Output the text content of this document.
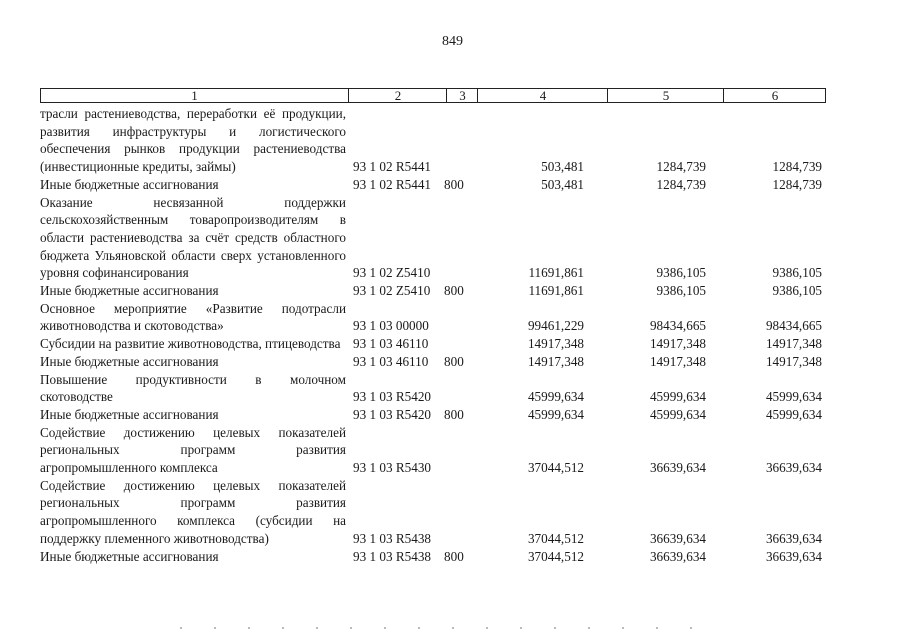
849
1	2	3	4	5	6
трасли растениеводства, переработки её продукции, развития инфраструктуры и логистического обеспечения рынков продукции растениеводства (инвестиционные кредиты, займы)	93 1 02 R5441	503,481	1284,739	1284,739
Иные бюджетные ассигнования	93 1 02 R5441 800	503,481	1284,739	1284,739
Оказание несвязанной поддержки сельскохозяйственным товаропроизводителям в области растениеводства за счёт средств областного бюджета Ульяновской области сверх установленного уровня софинансирования	93 1 02 Z5410	11691,861	9386,105	9386,105
Иные бюджетные ассигнования	93 1 02 Z5410 800	11691,861	9386,105	9386,105
Основное мероприятие «Развитие подотрасли животноводства и скотоводства»	93 1 03 00000	99461,229	98434,665	98434,665
Субсидии на развитие животноводства, птицеводства 93 1 03 46110	14917,348	14917,348	14917,348
Иные бюджетные ассигнования	93 1 03 46110 800	14917,348	14917,348	14917,348
Повышение продуктивности в молочном скотоводстве	93 1 03 R5420	45999,634	45999,634	45999,634
Иные бюджетные ассигнования	93 1 03 R5420 800	45999,634	45999,634	45999,634
Содействие достижению целевых показателей региональных программ развития агропромышленного комплекса	93 1 03 R5430	37044,512	36639,634	36639,634
Содействие достижению целевых показателей региональных программ развития агропромышленного комплекса (субсидии на поддержку племенного животноводства)	93 1 03 R5438	37044,512	36639,634	36639,634
Иные бюджетные ассигнования	93 1 03 R5438 800	37044,512	36639,634	36639,634
